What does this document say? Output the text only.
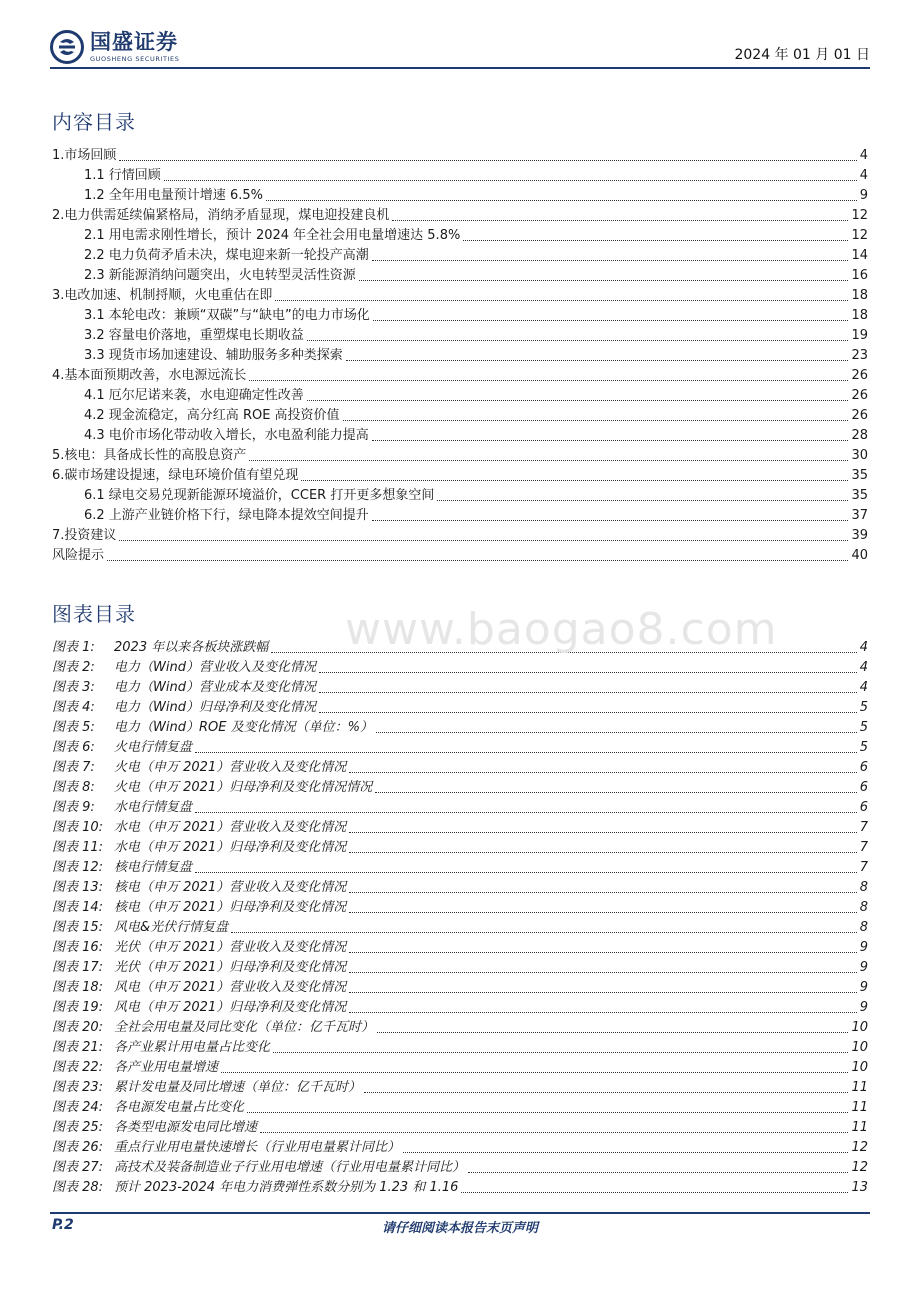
国盛证券
GUOSHENG SECURITIES	2024 年 01 月 01 日
内容目录
1.市场回顾	4
1.1 行情回顾	4
1.2 全年用电量预计增速 6.5%	9
2.电力供需延续偏紧格局，消纳矛盾显现，煤电迎投建良机	12
2.1 用电需求刚性增长，预计 2024 年全社会用电量增速达 5.8%	12
2.2 电力负荷矛盾未决，煤电迎来新一轮投产高潮	14
2.3 新能源消纳问题突出，火电转型灵活性资源	16
3.电改加速、机制捋顺，火电重估在即	18
3.1 本轮电改：兼顾“双碳”与“缺电”的电力市场化	18
3.2 容量电价落地，重塑煤电长期收益	19
3.3 现货市场加速建设、辅助服务多种类探索	23
4.基本面预期改善，水电源远流长	26
4.1 厄尔尼诺来袭，水电迎确定性改善	26
4.2 现金流稳定，高分红高 ROE 高投资价值	26
4.3 电价市场化带动收入增长，水电盈利能力提高	28
5.核电：具备成长性的高股息资产	30
6.碳市场建设提速，绿电环境价值有望兑现	35
6.1 绿电交易兑现新能源环境溢价，CCER 打开更多想象空间	35
6.2 上游产业链价格下行，绿电降本提效空间提升	37
7.投资建议	39
风险提示	40
图表目录
图表 1:	2023 年以来各板块涨跌幅	4
图表 2:	电力（Wind）营业收入及变化情况	4
图表 3:	电力（Wind）营业成本及变化情况	4
图表 4:	电力（Wind）归母净利及变化情况	5
图表 5:	电力（Wind）ROE 及变化情况（单位：%）	5
图表 6:	火电行情复盘	5
图表 7:	火电（申万 2021）营业收入及变化情况	6
图表 8:	火电（申万 2021）归母净利及变化情况情况	6
图表 9:	水电行情复盘	6
图表 10: 水电（申万 2021）营业收入及变化情况	7
图表 11: 水电（申万 2021）归母净利及变化情况	7
图表 12: 核电行情复盘	7
图表 13: 核电（申万 2021）营业收入及变化情况	8
图表 14: 核电（申万 2021）归母净利及变化情况	8
图表 15: 风电&光伏行情复盘	8
图表 16: 光伏（申万 2021）营业收入及变化情况	9
图表 17: 光伏（申万 2021）归母净利及变化情况	9
图表 18: 风电（申万 2021）营业收入及变化情况	9
图表 19: 风电（申万 2021）归母净利及变化情况	9
图表 20: 全社会用电量及同比变化（单位：亿千瓦时）	10
图表 21: 各产业累计用电量占比变化	10
图表 22: 各产业用电量增速	10
图表 23: 累计发电量及同比增速（单位：亿千瓦时）	11
图表 24: 各电源发电量占比变化	11
图表 25: 各类型电源发电同比增速	11
图表 26: 重点行业用电量快速增长（行业用电量累计同比）	12
图表 27: 高技术及装备制造业子行业用电增速（行业用电量累计同比）	12
图表 28: 预计 2023-2024 年电力消费弹性系数分别为 1.23 和 1.16	13
www.baogao8.com
请仔细阅读本报告末页声明
P.2
